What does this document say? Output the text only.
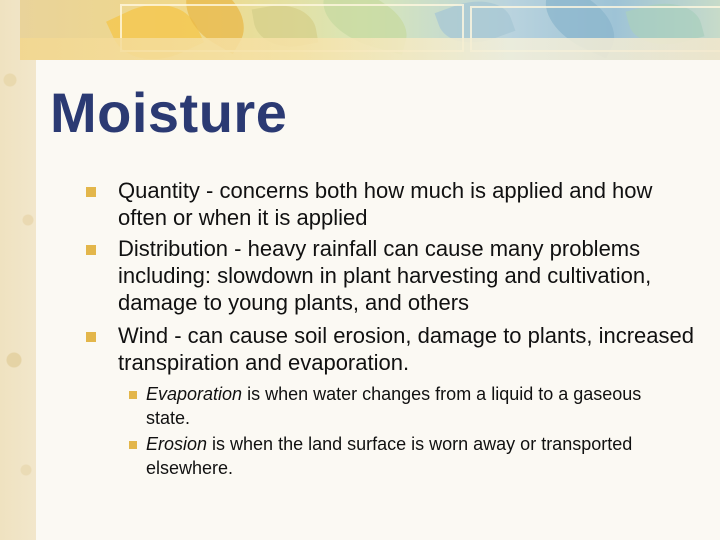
Moisture
Quantity - concerns both how much is applied and how often or when it is applied
Distribution - heavy rainfall can cause many problems including: slowdown in plant harvesting and cultivation, damage to young plants, and others
Wind - can cause soil erosion, damage to plants, increased transpiration and evaporation.
Evaporation is when water changes from a liquid to a gaseous state.
Erosion is when the land surface is worn away or transported elsewhere.
